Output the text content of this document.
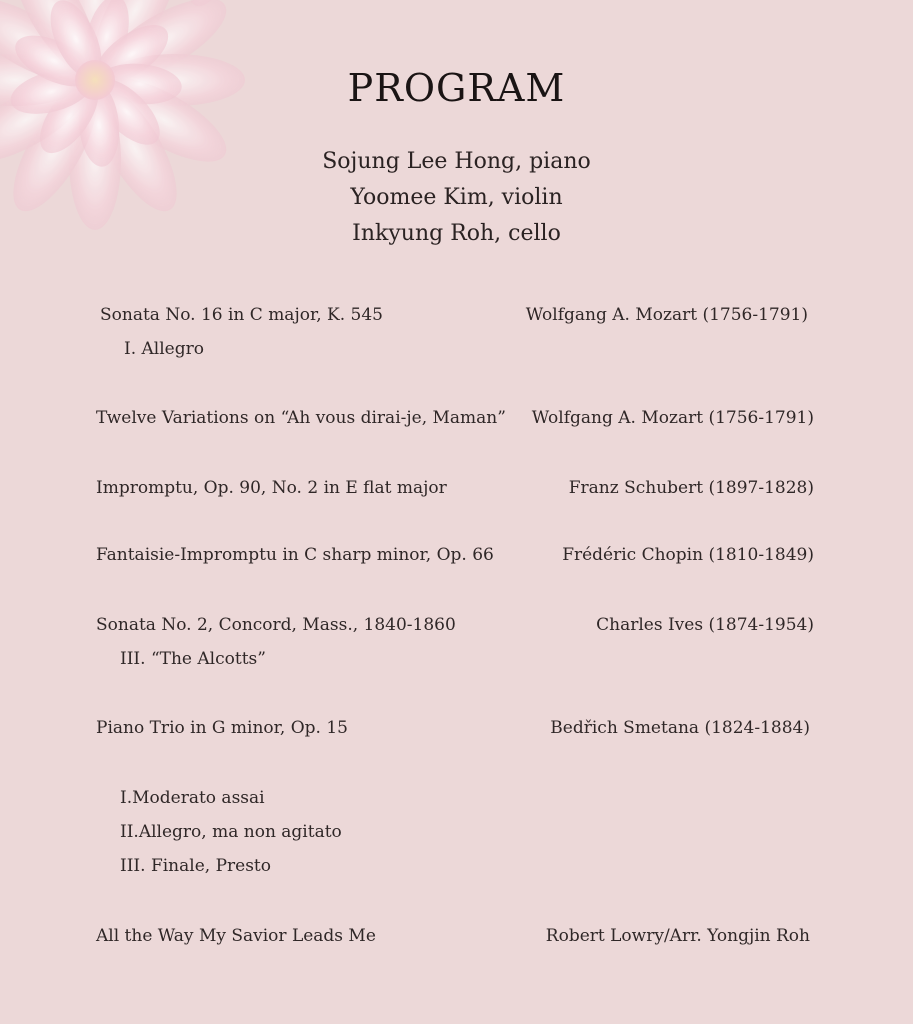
PROGRAM
Sojung Lee Hong, piano
Yoomee Kim, violin
Inkyung Roh, cello
Sonata No. 16 in C major, K. 545	Wolfgang A. Mozart (1756-1791)
I. Allegro
Twelve Variations on “Ah vous dirai-je, Maman” Wolfgang A. Mozart (1756-1791)
Impromptu, Op. 90, No. 2 in E flat major	Franz Schubert (1897-1828)
Fantaisie-Impromptu in C sharp minor, Op. 66	Frédéric Chopin (1810-1849)
Sonata No. 2, Concord, Mass., 1840-1860	Charles Ives (1874-1954)
III. “The Alcotts”
Piano Trio in G minor, Op. 15	Bedřich Smetana (1824-1884)
I.Moderato assai
II.Allegro, ma non agitato
III. Finale, Presto
All the Way My Savior Leads Me	Robert Lowry/Arr. Yongjin Roh
